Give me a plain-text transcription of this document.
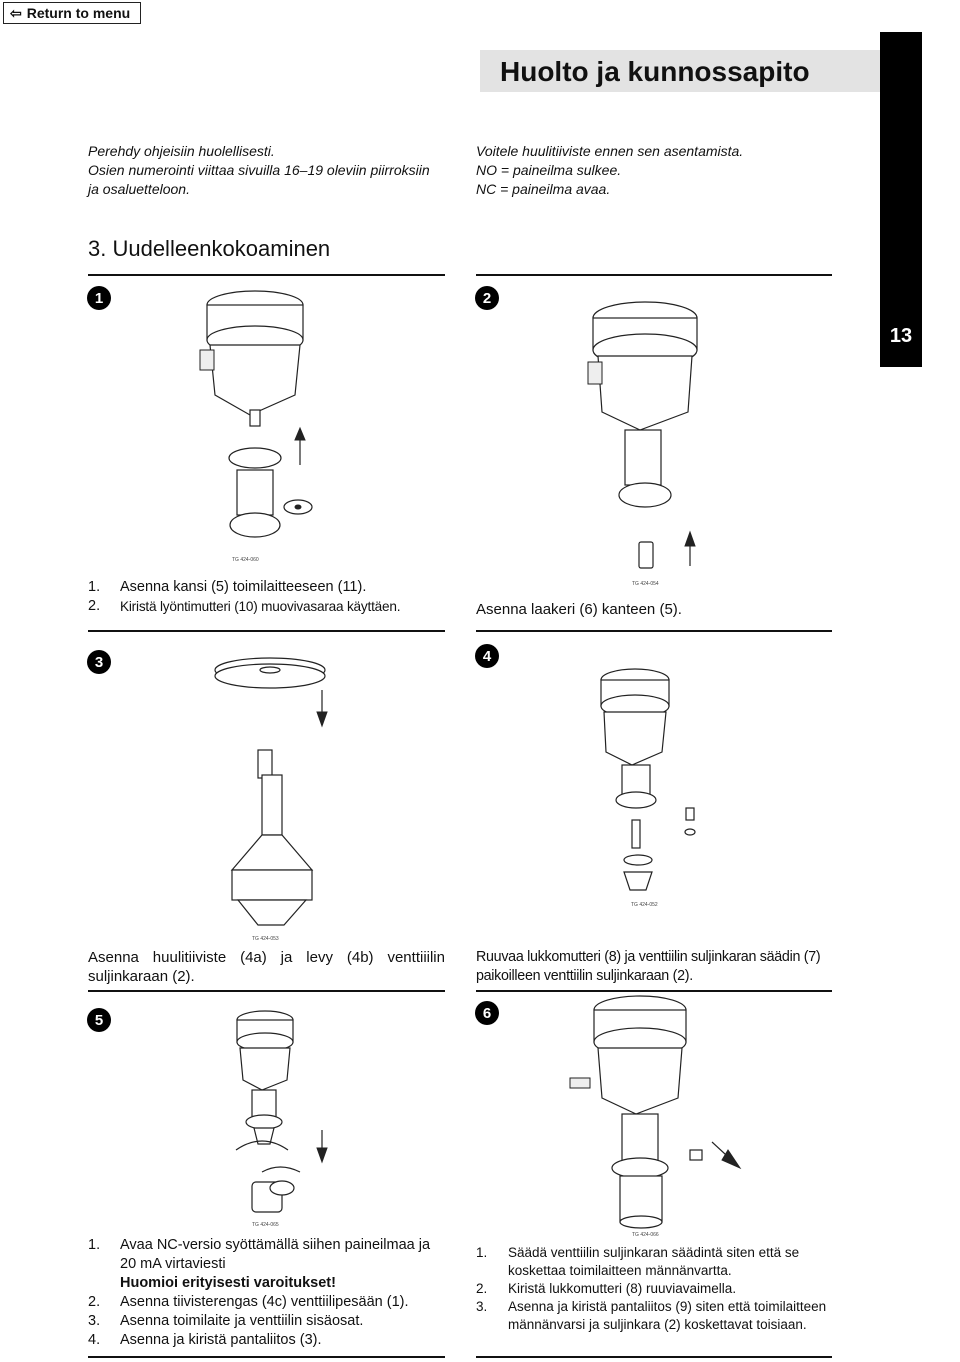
⇦ Return to menu
Huolto ja kunnossapito
13
Perehdy ohjeisiin huolellisesti.
Osien numerointi viittaa sivuilla 16–19 oleviin piirroksiin
ja osaluetteloon.
Voitele huulitiiviste ennen sen asentamista.
NO = paineilma sulkee.
NC = paineilma avaa.
3. Uudelleenkokoaminen
1	2
3	4
5	6
TG 424-060
TG 424-054
TG 424-053
TG 424-052
TG 424-065
TG 424-066
1.	Asenna kansi (5) toimilaitteeseen (11).
2.	Kiristä lyöntimutteri (10) muovivasaraa käyttäen.	Asenna laakeri (6) kanteen (5).
Asenna huulitiiviste (4a) ja levy (4b) venttiiilin suljinkaraan (2).
Ruuvaa lukkomutteri (8) ja venttiilin suljinkaran säädin (7) paikoilleen venttiilin suljinkaraan (2).
1.	Avaa NC-versio syöttämällä siihen paineilmaa ja 20 mA virtaviesti
Huomioi erityisesti varoitukset!
2.	Asenna tiivisterengas (4c) venttiilipesään (1).
3.	Asenna toimilaite ja venttiilin sisäosat.
4.	Asenna ja kiristä pantaliitos (3).
1.	Säädä venttiilin suljinkaran säädintä siten että se koskettaa toimilaitteen männänvartta.
2.	Kiristä lukkomutteri (8) ruuviavaimella.
3.	Asenna ja kiristä pantaliitos (9) siten että toimilaitteen männänvarsi ja suljinkara (2) koskettavat toisiaan.
